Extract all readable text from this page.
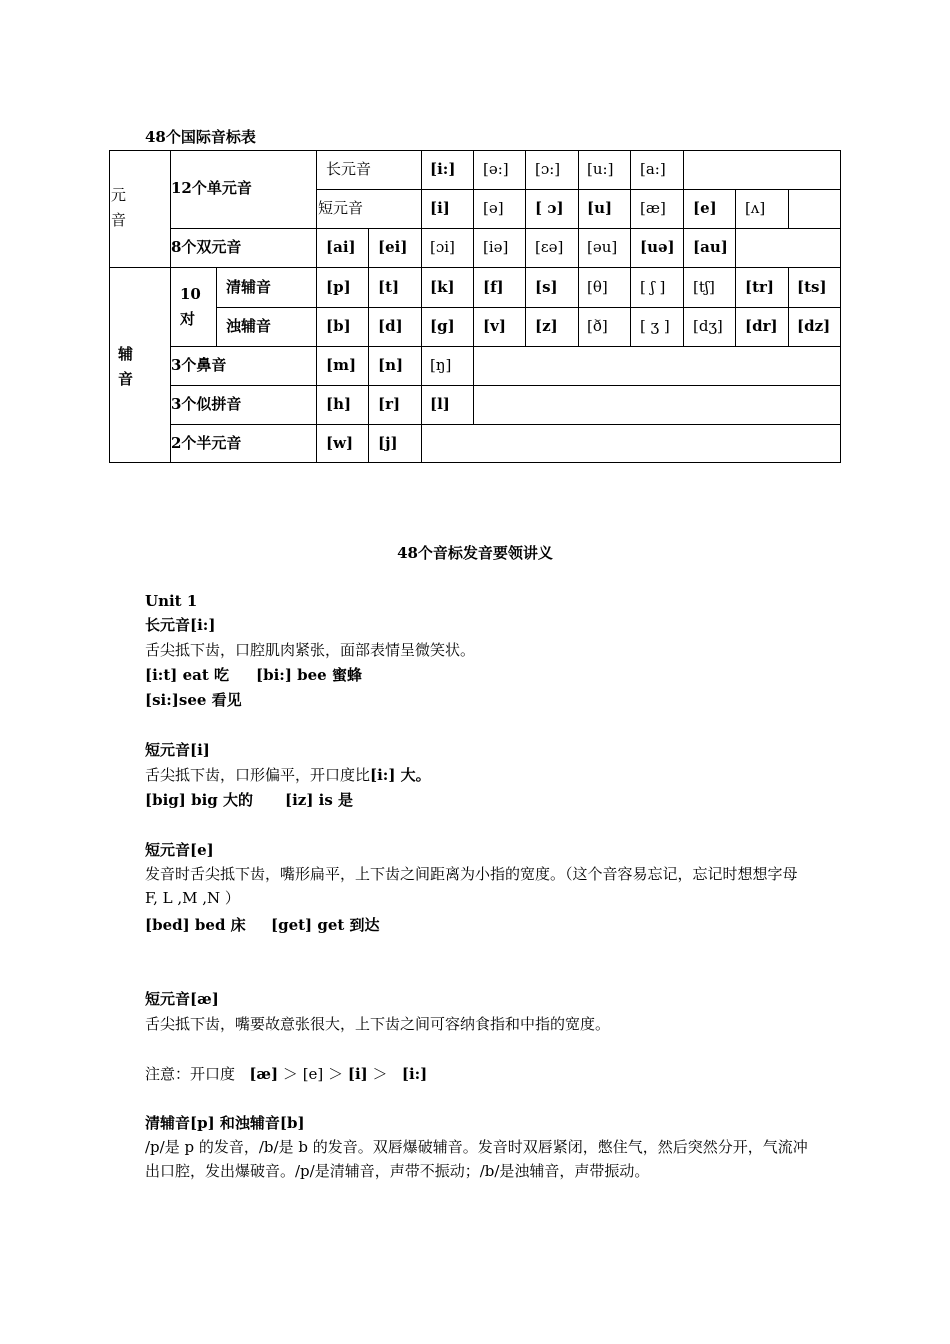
48个国际音标表
元
音
12个单元音
长元音	[i:] [ə:] [ɔ:] [u:] [a:]
短元音	[i] [ə] [ ɔ] [u] [æ] [e] [ʌ]
8个双元音	[ai] [ei] [ɔi] [iə] [ɛə] [əu] [uə] [au]
辅
音
10
对
清辅音	[p] [t] [k] [f] [s] [θ] [ ʃ ] [tʃ] [tr] [ts]
浊辅音	[b] [d] [g] [v] [z] [ð] [ ʒ ] [dʒ] [dr] [dz]
3个鼻音	[m] [n] [ŋ]
3个似拼音	[h] [r] [l]
2个半元音	[w] [j]
48个音标发音要领讲义
Unit 1
长元音[i:]
舌尖抵下齿，口腔肌肉紧张，面部表情呈微笑状。
[i:t] eat 吃 [bi:] bee 蜜蜂
[si:]see 看见
短元音[i]
舌尖抵下齿，口形偏平，开口度比[i:] 大。
[big] big 大的 [iz] is 是
短元音[e]
发音时舌尖抵下齿，嘴形扁平，上下齿之间距离为小指的宽度。（这个音容易忘记，忘记时想想字母 F, L ,M ,N ）
[bed] bed 床 [get] get 到达
短元音[æ]
舌尖抵下齿，嘴要故意张很大，上下齿之间可容纳食指和中指的宽度。
注意：开口度 [æ] ＞ [e] ＞ [i] ＞   [i:]
清辅音[p] 和浊辅音[b]
/p/是 p 的发音，/b/是 b 的发音。双唇爆破辅音。发音时双唇紧闭，憋住气，然后突然分开，气流冲出口腔，发出爆破音。/p/是清辅音，声带不振动；/b/是浊辅音，声带振动。
